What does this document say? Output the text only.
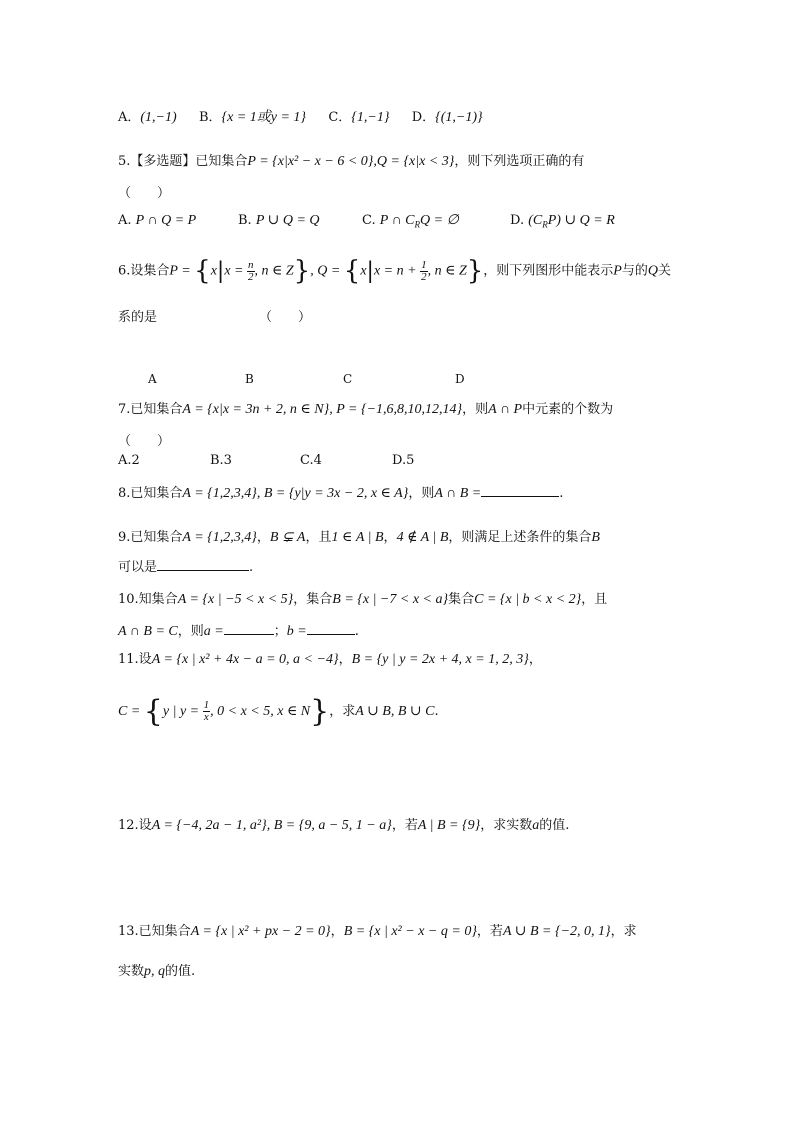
A．(1,−1) B．{x = 1或y = 1} C．{1,−1} D．{(1,−1)}
5.【多选题】已知集合P = {x|x² − x − 6 < 0},Q = {x|x < 3}，则下列选项正确的有
（　　）
A. P ∩ Q = P	B. P ∪ Q = Q	C. P ∩ $C_RQ$ = ∅	D. $(C_RP)$ ∪ Q = R
6.设集合$P = \{x|x = \frac{n}{2}$ , n ∈ Z}, $Q = \{x|x = n + \frac{1}{2}$ , n ∈ Z}，则下列图形中能表示P与的Q关
系的是	（　　）
A	B	C	D
7.已知集合A = {x|x = 3n + 2, n ∈ N}, P = {−1,6,8,10,12,14}，则A ∩ P中元素的个数为
（　　）
A.2	B.3	C.4	D.5
8.已知集合A = {1,2,3,4}, B = {y|y = 3x − 2, x ∈ A}，则A ∩ B =	.
9.已知集合A = {1,2,3,4}，B ⊊ A，且1 ∈ A | B，4 ∉ A | B，则满足上述条件的集合B
可以是	.
10.知集合A = {x | −5 < x < 5}，集合B = {x | −7 < x < a}集合C = {x | b < x < 2}，且
A ∩ B = C，则a =	；b =	.
11.设A = {x | x² + 4x − a = 0, a < −4}，B = {y | y = 2x + 4, x = 1, 2, 3}，
C = {y | $y = \frac{1}{x}$ , 0 < x < 5, x ∈ N}，求A ∪ B, B ∪ C.
12.设A = {−4, 2a − 1, a²}, B = {9, a − 5, 1 − a}，若A | B = {9}，求实数a的值.
13.已知集合A = {x | x² + px − 2 = 0}，B = {x | x² − x − q = 0}，若A ∪ B = {−2, 0, 1}，求
实数p, q的值.
